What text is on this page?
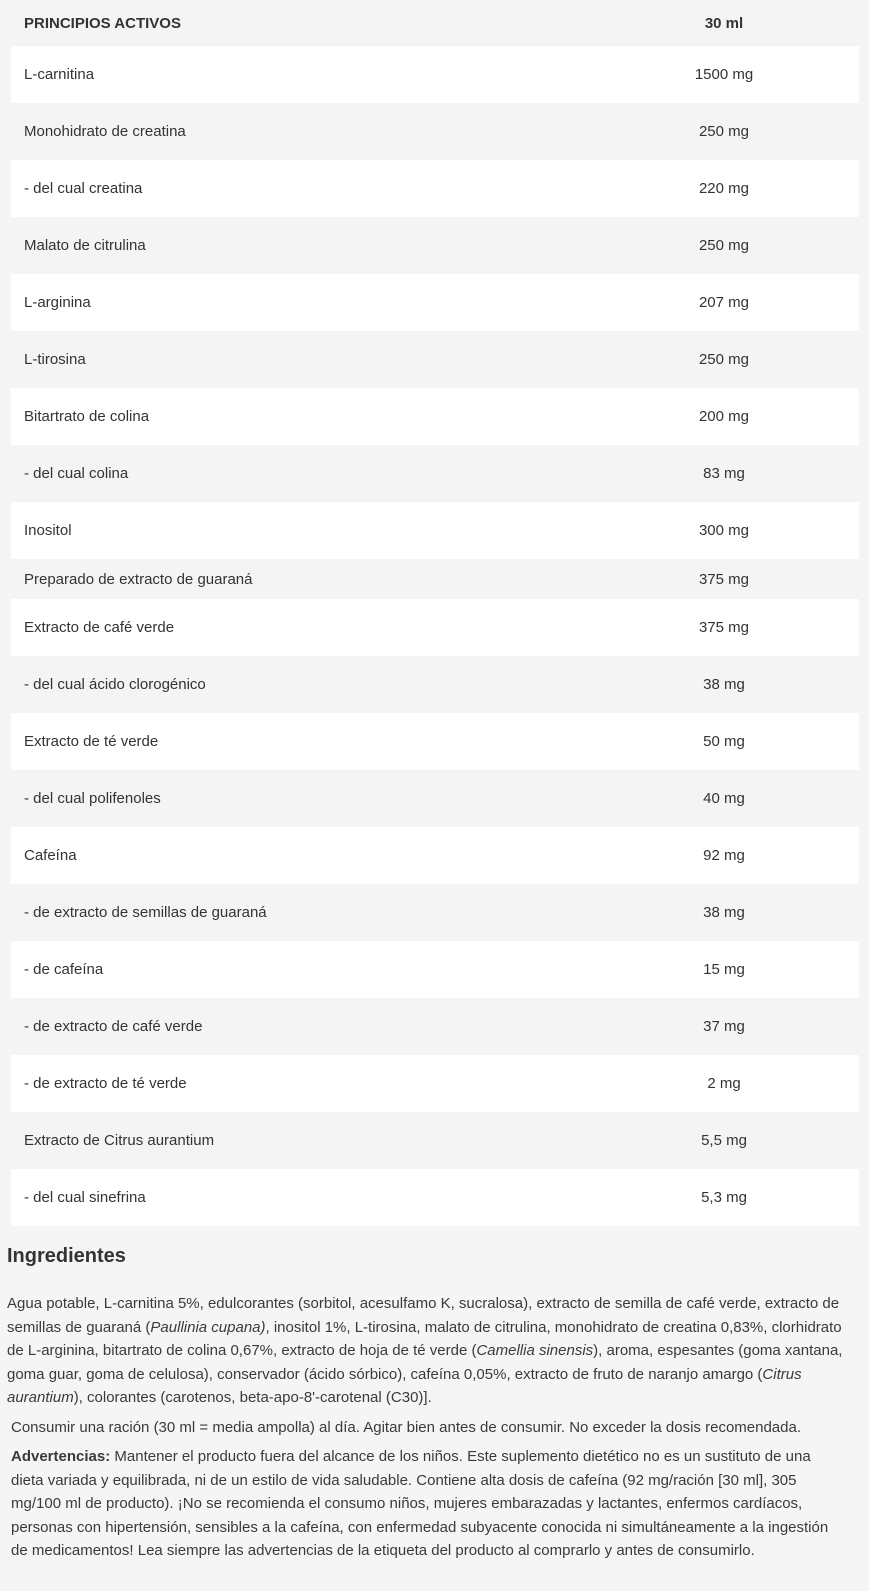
PRINCIPIOS ACTIVOS	30 ml
L-carnitina	1500 mg
Monohidrato de creatina	250 mg
- del cual creatina	220 mg
Malato de citrulina	250 mg
L-arginina	207 mg
L-tirosina	250 mg
Bitartrato de colina	200 mg
- del cual colina	83 mg
Inositol	300 mg
Preparado de extracto de guaraná	375 mg
Extracto de café verde	375 mg
- del cual ácido clorogénico	38 mg
Extracto de té verde	50 mg
- del cual polifenoles	40 mg
Cafeína	92 mg
- de extracto de semillas de guaraná	38 mg
- de cafeína	15 mg
- de extracto de café verde	37 mg
- de extracto de té verde	2 mg
Extracto de Citrus aurantium	5,5 mg
- del cual sinefrina	5,3 mg
Ingredientes

Agua potable, L-carnitina 5%, edulcorantes (sorbitol, acesulfamo K, sucralosa), extracto de semilla de café verde, extracto de semillas de guaraná (Paullinia cupana), inositol 1%, L-tirosina, malato de citrulina, monohidrato de creatina 0,83%, clorhidrato de L-arginina, bitartrato de colina 0,67%, extracto de hoja de té verde (Camellia sinensis), aroma, espesantes (goma xantana, goma guar, goma de celulosa), conservador (ácido sórbico), cafeína 0,05%, extracto de fruto de naranjo amargo (Citrus aurantium), colorantes (carotenos, beta-apo-8'-carotenal (C30)].

Consumir una ración (30 ml = media ampolla) al día. Agitar bien antes de consumir. No exceder la dosis recomendada.

Advertencias: Mantener el producto fuera del alcance de los niños. Este suplemento dietético no es un sustituto de una dieta variada y equilibrada, ni de un estilo de vida saludable. Contiene alta dosis de cafeína (92 mg/ración [30 ml], 305 mg/100 ml de producto). ¡No se recomienda el consumo niños, mujeres embarazadas y lactantes, enfermos cardíacos, personas con hipertensión, sensibles a la cafeína, con enfermedad subyacente conocida ni simultáneamente a la ingestión de medicamentos! Lea siempre las advertencias de la etiqueta del producto al comprarlo y antes de consumirlo.
